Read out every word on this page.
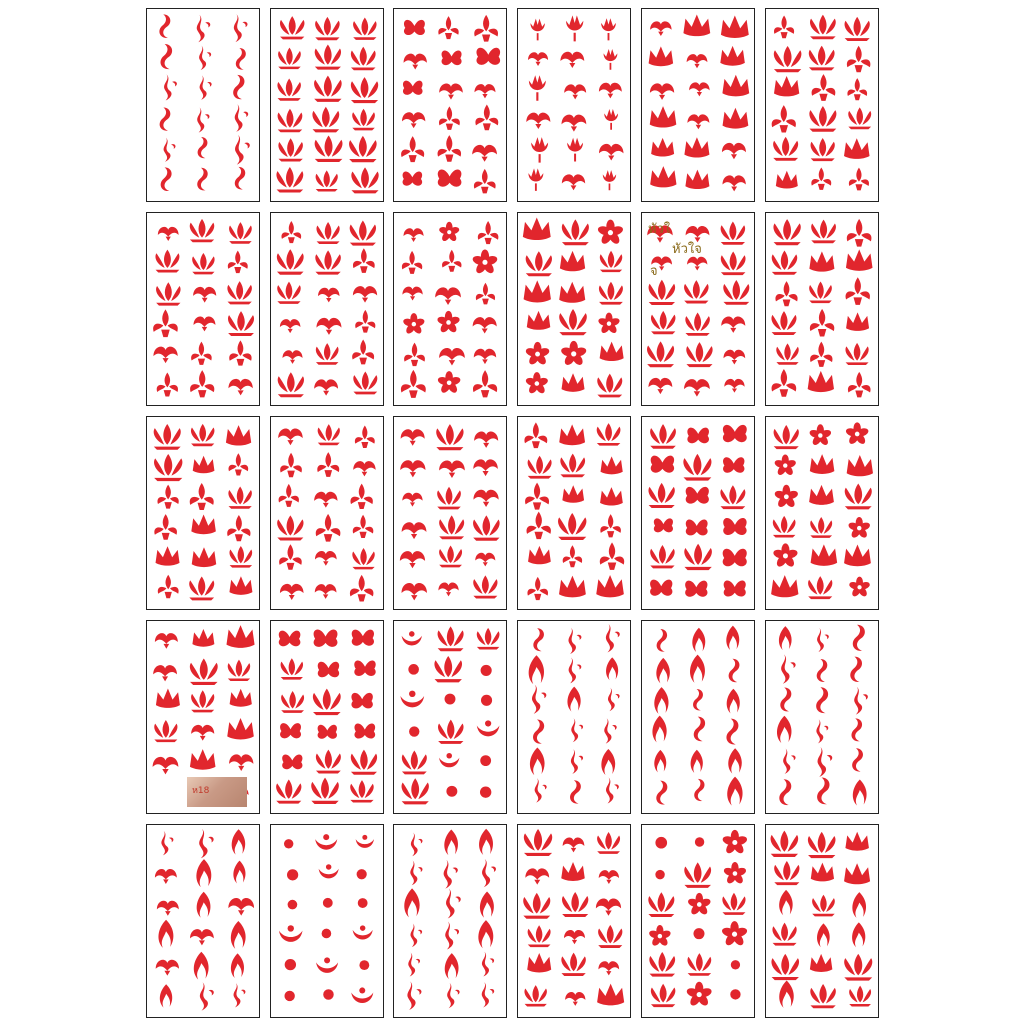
หัวใ
หัวใจ
จ
ห18
